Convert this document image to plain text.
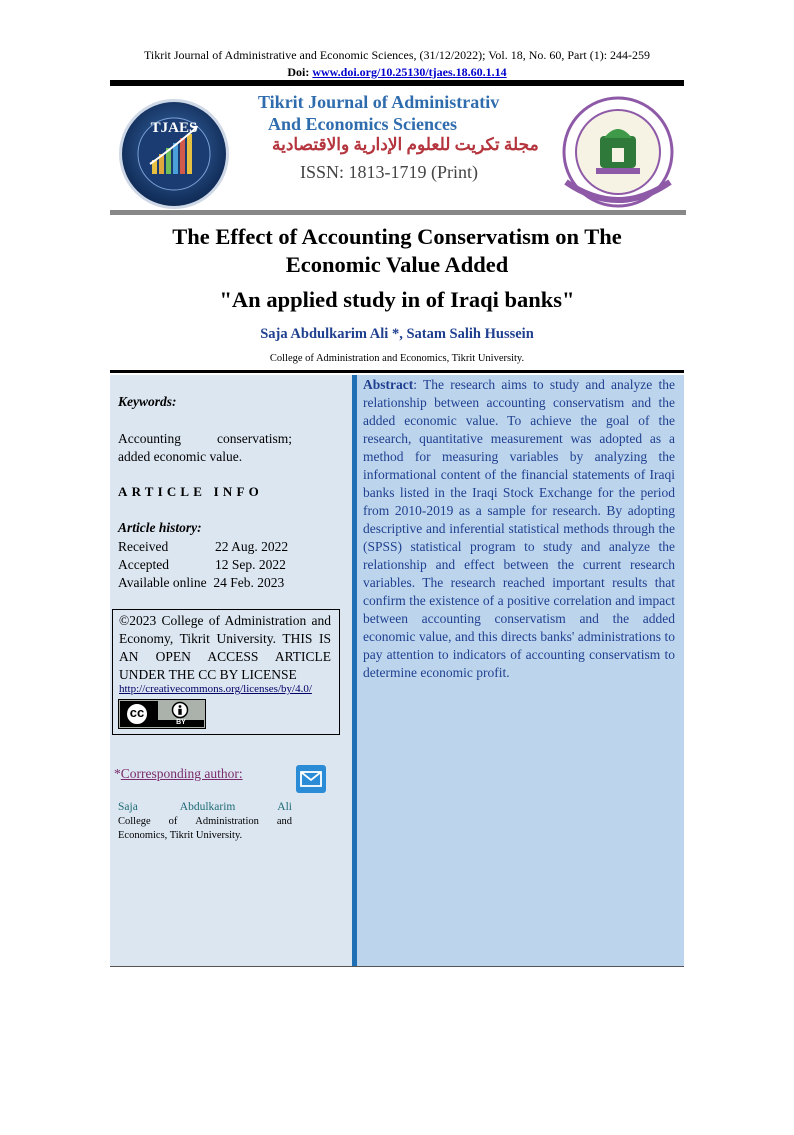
Tikrit Journal of Administrative and Economic Sciences, (31/12/2022); Vol. 18, No. 60, Part (1): 244-259
Doi: www.doi.org/10.25130/tjaes.18.60.1.14
TJAES
Tikrit Journal of Administrativ
And Economics Sciences
مجلة تكريت للعلوم الإدارية والاقتصادية
ISSN: 1813-1719 (Print)
The Effect of Accounting Conservatism on The
Economic Value Added
"An applied study in of Iraqi banks"
Saja Abdulkarim Ali *, Satam Salih Hussein
College of Administration and Economics, Tikrit University.
Keywords:
Accounting	conservatism;
added economic value.
ARTICLE INFO
Article history:
Received	22 Aug. 2022
Accepted	12 Sep. 2022
Available online 24 Feb. 2023
©2023 College of Administration and Economy, Tikrit University. THIS IS AN OPEN ACCESS ARTICLE UNDER THE CC BY LICENSE
http://creativecommons.org/licenses/by/4.0/
cc
BY
*Corresponding author:
Saja	Abdulkarim	Ali
College of Administration and
Economics, Tikrit University.
Abstract: The research aims to study and analyze the relationship between accounting conservatism and the added economic value. To achieve the goal of the research, quantitative measurement was adopted as a method for measuring variables by analyzing the informational content of the financial statements of Iraqi banks listed in the Iraqi Stock Exchange for the period from 2010-2019 as a sample for research. By adopting descriptive and inferential statistical methods through the (SPSS) statistical program to study and analyze the relationship and effect between the current research variables. The research reached important results that confirm the existence of a positive correlation and impact between accounting conservatism and the added economic value, and this directs banks' administrations to pay attention to indicators of accounting conservatism to determine economic profit.
